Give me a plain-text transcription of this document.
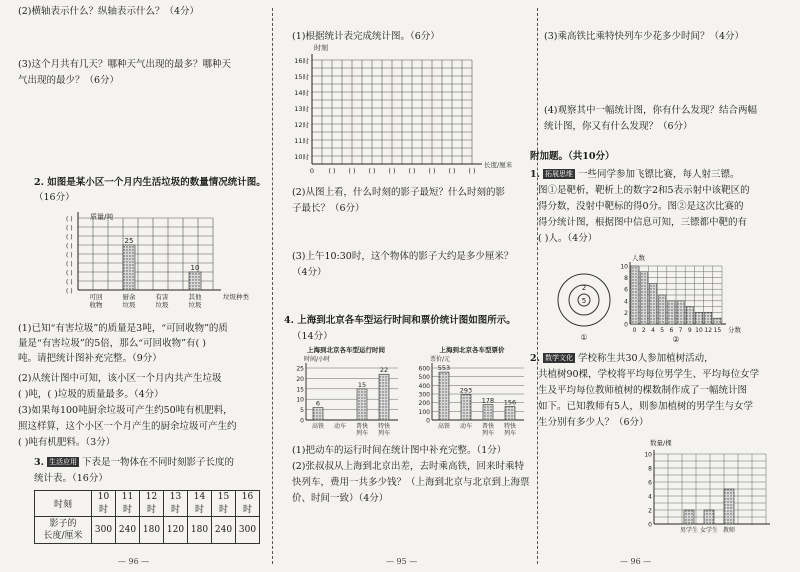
(2)横轴表示什么？纵轴表示什么？（4分）
(3)这个月共有几天？哪种天气出现的最多？哪种天
气出现的最少？（6分）
2. 如图是某小区一个月内生活垃圾的数量情况统计图。
（16分）
质量/吨
( )
( )
( )
( )
( )
( )
( )
( )
( )
可回
收物
厨余
垃圾
25
有害
垃圾
其他
垃圾
10
垃圾种类
(1)已知“有害垃圾”的质量是3吨，“可回收物”的质
量是“有害垃圾”的5倍，那么“可回收物”有( )
吨。请把统计图补充完整。（9分）
(2)从统计图中可知，该小区一个月内共产生垃圾
( )吨，( )垃圾的质量最多。（4分）
(3)如果每100吨厨余垃圾可产生约50吨有机肥料，
照这样算，这个小区一个月产生的厨余垃圾可产生约
( )吨有机肥料。（3分）
3. 生活应用 下表是一物体在不同时刻影子长度的
统计表。（16分）
时刻	10时	11时	12时	13时	14时	15时	16时
影子的
长度/厘米	300	240	180	120	180	240	300
— 96 —
(1)根据统计表完成统计图。（6分）
时刻
10时
11时
12时
13时
14时
15时
16时
0 ( ) ( ) ( ) ( ) ( ) ( ) ( ) ( )
长度/厘米
(2)从图上看，什么时刻的影子最短？什么时刻的影
子最长？（6分）
(3)上午10:30时，这个物体的影子大约是多少厘米？
（4分）
4. 上海到北京各车型运行时间和票价统计图如图所示。
（14分）
上海到北京各车型运行时间
时间/小时
0
5
10
15
20
25
高铁
6
动车 普快
列车
15
特快
列车
22
上海到北京各车型票价
票价/元
0
100
200
300
400
500
600
高铁
553
动车
293
普快
列车
178
特快
列车
156
(1)把动车的运行时间在统计图中补充完整。（1分）
(2)张叔叔从上海到北京出差，去时乘高铁，回来时乘特
快列车，费用一共多少钱？（上海到北京与北京到上海票
价、时间一致）（4分）
— 95 —
(3)乘高铁比乘特快列车少花多少时间？（4分）
(4)观察其中一幅统计图，你有什么发现？结合两幅
统计图，你又有什么发现？（6分）
附加题。（共10分）
1. 拓展思维 一些同学参加飞镖比赛，每人射三镖。
图①是靶析，靶析上的数字2和5表示射中该靶区的
得分数，没射中靶标的得0分。图②是这次比赛的
得分统计图，根据图中信息可知，三镖都中靶的有
( )人。（4分）
2
5
①
人数
0
2
4
6
8
10
0 2 4 5 6 7 9 10 12 15 分数
②
2. 数学文化 学校称生共30人参加植树活动，
共植树90棵，学校将平均每位男学生、平均每位女学
生及平均每位教师植树的棵数制作成了一幅统计图
如下。已知教师有5人，则参加植树的男学生与女学
生分别有多少人？（6分）
数量/棵
0
2
4
6
8
10
男学生 女学生 教师
— 96 —
